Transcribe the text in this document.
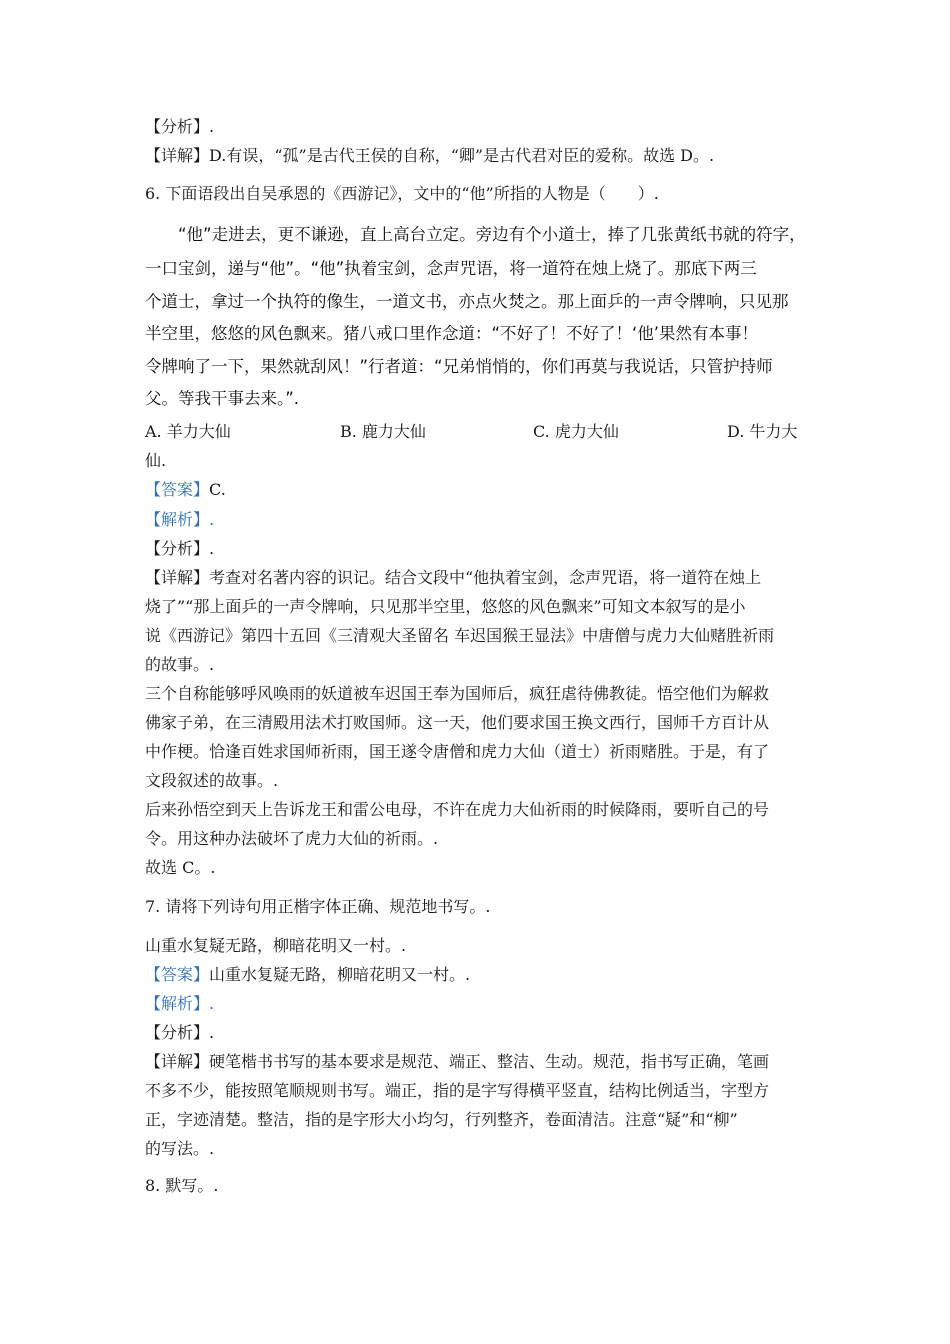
【分析】.
【详解】D.有误，“孤”是古代王侯的自称，“卿”是古代君对臣的爱称。故选 D。.
6. 下面语段出自吴承恩的《西游记》，文中的“他”所指的人物是（　　）.
“他”走进去，更不谦逊，直上高台立定。旁边有个小道士，捧了几张黄纸书就的符字，
一口宝剑，递与“他”。“他”执着宝剑，念声咒语，将一道符在烛上烧了。那底下两三
个道士，拿过一个执符的像生，一道文书，亦点火焚之。那上面乒的一声令牌响，只见那
半空里，悠悠的风色飘来。猪八戒口里作念道：“不好了！不好了！‘他’果然有本事！
令牌响了一下，果然就刮风！”行者道：“兄弟悄悄的，你们再莫与我说话，只管护持师
父。等我干事去来。”.
A. 羊力大仙	B. 鹿力大仙	C. 虎力大仙	D. 牛力大
仙.
【答案】C.
【解析】.
【分析】.
【详解】考查对名著内容的识记。结合文段中“他执着宝剑，念声咒语，将一道符在烛上
烧了”“那上面乒的一声令牌响，只见那半空里，悠悠的风色飘来”可知文本叙写的是小
说《西游记》第四十五回《三清观大圣留名 车迟国猴王显法》中唐僧与虎力大仙赌胜祈雨
的故事。.
三个自称能够呼风唤雨的妖道被车迟国王奉为国师后，疯狂虐待佛教徒。悟空他们为解救
佛家子弟，在三清殿用法术打败国师。这一天，他们要求国王换文西行，国师千方百计从
中作梗。恰逢百姓求国师祈雨，国王遂令唐僧和虎力大仙（道士）祈雨赌胜。于是，有了
文段叙述的故事。.
后来孙悟空到天上告诉龙王和雷公电母，不许在虎力大仙祈雨的时候降雨，要听自己的号
令。用这种办法破坏了虎力大仙的祈雨。.
故选 C。.
7. 请将下列诗句用正楷字体正确、规范地书写。.
山重水复疑无路，柳暗花明又一村。.
【答案】山重水复疑无路，柳暗花明又一村。.
【解析】.
【分析】.
【详解】硬笔楷书书写的基本要求是规范、端正、整洁、生动。规范，指书写正确，笔画
不多不少，能按照笔顺规则书写。端正，指的是字写得横平竖直，结构比例适当，字型方
正，字迹清楚。整洁，指的是字形大小均匀，行列整齐，卷面清洁。注意“疑”和“柳”
的写法。.
8. 默写。.
